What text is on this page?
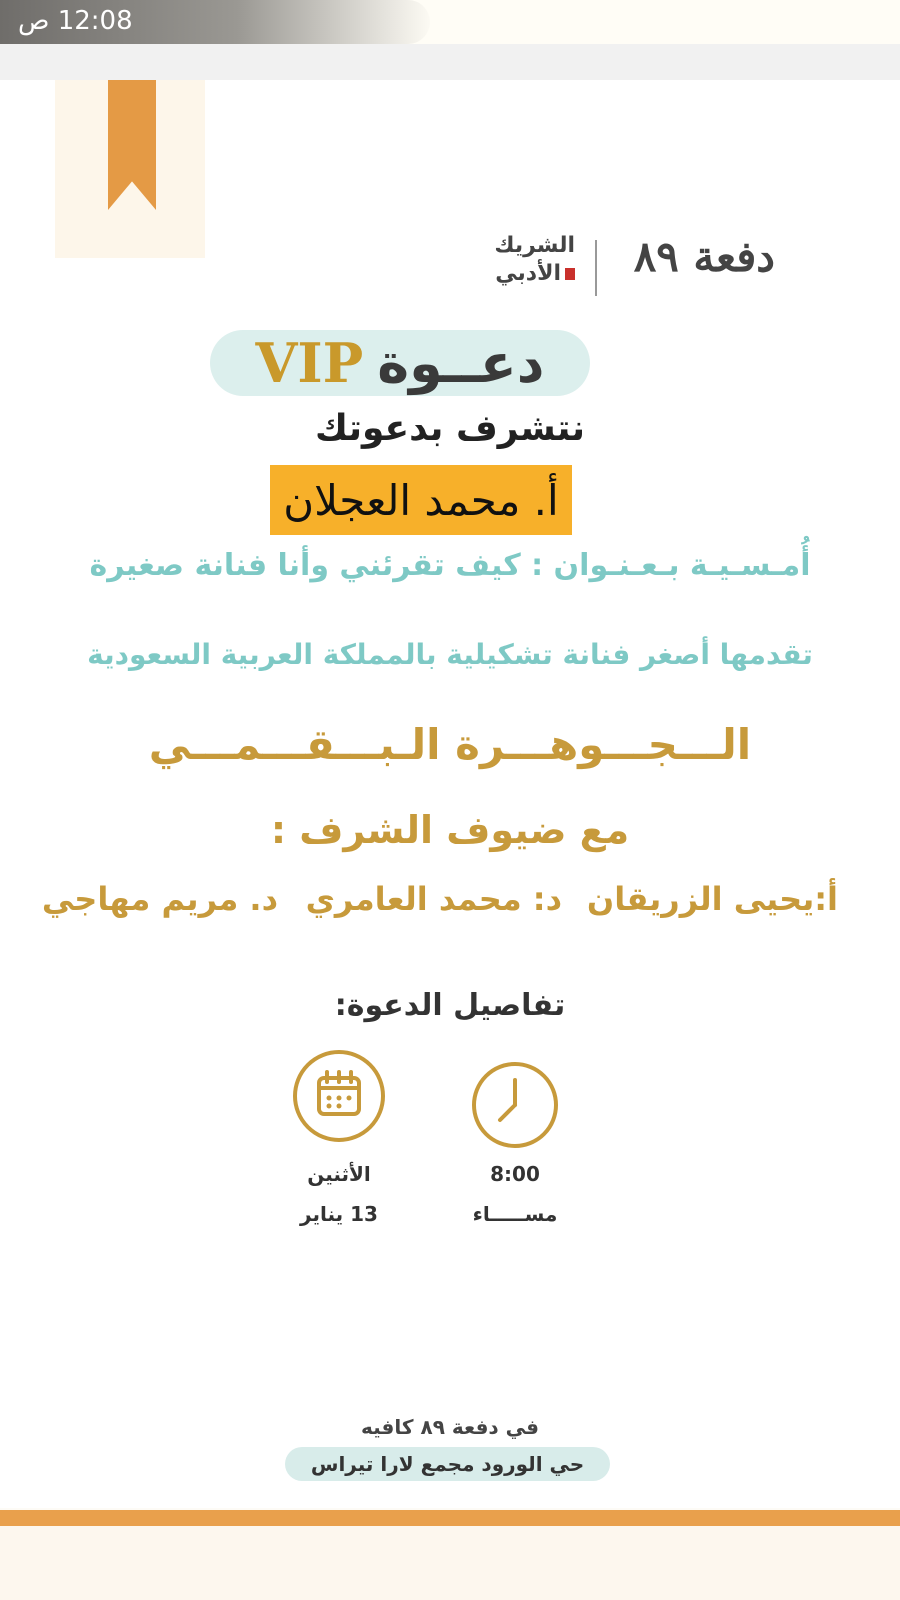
12:08 ص
الشريك
الأدبي	دفعة ٨٩
دعــوة
VIP
نتشرف بدعوتك
أ. محمد العجلان
أُمـسـيـة بـعـنـوان : كيف تقرئني وأنا فنانة صغيرة
تقدمها أصغر فنانة تشكيلية بالمملكة العربية السعودية
الـــجـــوهـــرة الـبـــقـــمـــي
مع ضيوف الشرف :
أ:يحيى الزريقان
د: محمد العامري
د. مريم مهاجي
تفاصيل الدعوة:
8:00
مســـــاء
الأثنين
13 يناير
في دفعة ٨٩ كافيه
حي الورود مجمع لارا تيراس
